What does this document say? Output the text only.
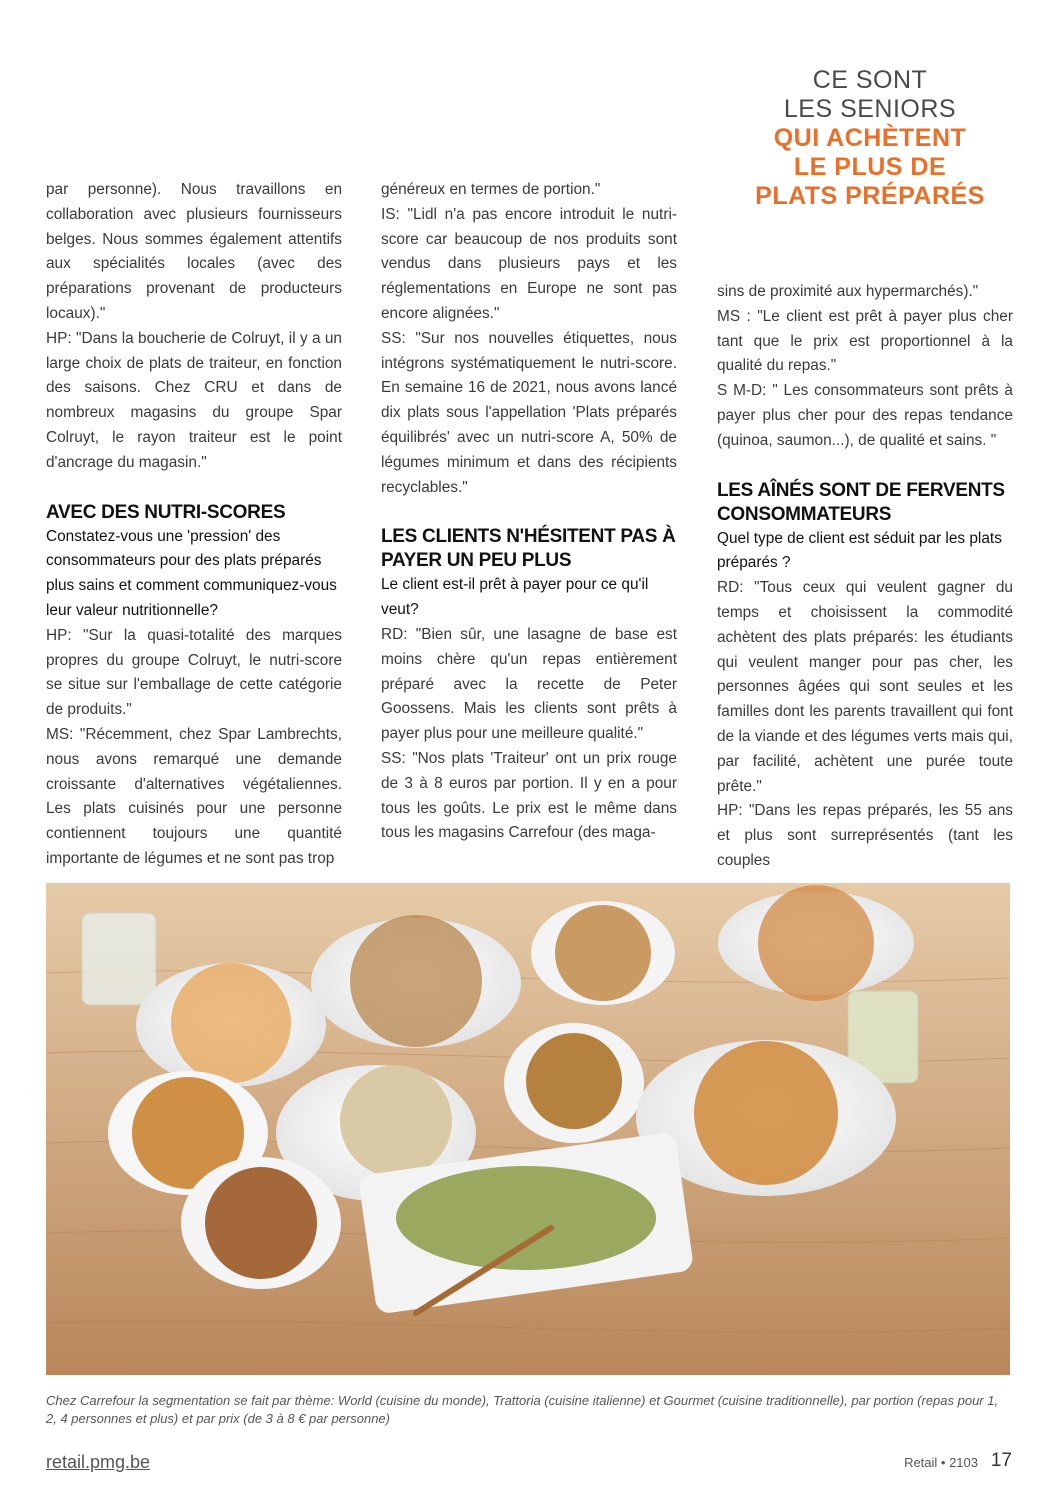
CE SONT
LES SENIORS
QUI ACHÈTENT
LE PLUS DE
PLATS PRÉPARÉS

par personne). Nous travaillons en collaboration avec plusieurs fournisseurs belges. Nous sommes également attentifs aux spécialités locales (avec des préparations provenant de producteurs locaux)."

HP: "Dans la boucherie de Colruyt, il y a un large choix de plats de traiteur, en fonction des saisons. Chez CRU et dans de nombreux magasins du groupe Spar Colruyt, le rayon traiteur est le point d'ancrage du magasin."

AVEC DES NUTRI-SCORES
Constatez-vous une 'pression' des consommateurs pour des plats préparés plus sains et comment communiquez-vous leur valeur nutritionnelle?

HP: "Sur la quasi-totalité des marques propres du groupe Colruyt, le nutri-score se situe sur l'emballage de cette catégorie de produits."

MS: "Récemment, chez Spar Lambrechts, nous avons remarqué une demande croissante d'alternatives végétaliennes. Les plats cuisinés pour une personne contiennent toujours une quantité importante de légumes et ne sont pas trop

généreux en termes de portion."

IS: "Lidl n'a pas encore introduit le nutri-score car beaucoup de nos produits sont vendus dans plusieurs pays et les réglementations en Europe ne sont pas encore alignées."

SS: "Sur nos nouvelles étiquettes, nous intégrons systématiquement le nutri-score. En semaine 16 de 2021, nous avons lancé dix plats sous l'appellation 'Plats préparés équilibrés' avec un nutri-score A, 50% de légumes minimum et dans des récipients recyclables."

LES CLIENTS N'HÉSITENT PAS À PAYER UN PEU PLUS
Le client est-il prêt à payer pour ce qu'il veut?

RD: "Bien sûr, une lasagne de base est moins chère qu'un repas entièrement préparé avec la recette de Peter Goossens. Mais les clients sont prêts à payer plus pour une meilleure qualité."

SS: "Nos plats 'Traiteur' ont un prix rouge de 3 à 8 euros par portion. Il y en a pour tous les goûts. Le prix est le même dans tous les magasins Carrefour (des maga-

sins de proximité aux hypermarchés)."

MS : "Le client est prêt à payer plus cher tant que le prix est proportionnel à la qualité du repas."

S M-D: " Les consommateurs sont prêts à payer plus cher pour des repas tendance (quinoa, saumon...), de qualité et sains. "

LES AÎNÉS SONT DE FERVENTS CONSOMMATEURS
Quel type de client est séduit par les plats préparés ?

RD: "Tous ceux qui veulent gagner du temps et choisissent la commodité achètent des plats préparés: les étudiants qui veulent manger pour pas cher, les personnes âgées qui sont seules et les familles dont les parents travaillent qui font de la viande et des légumes verts mais qui, par facilité, achètent une purée toute prête."

HP: "Dans les repas préparés, les 55 ans et plus sont surreprésentés (tant les couples

Chez Carrefour la segmentation se fait par thème: World (cuisine du monde), Trattoria (cuisine italienne) et Gourmet (cuisine traditionnelle), par portion (repas pour 1, 2, 4 personnes et plus) et par prix (de 3 à 8 € par personne)
retail.pmg.be	Retail • 2103 17
